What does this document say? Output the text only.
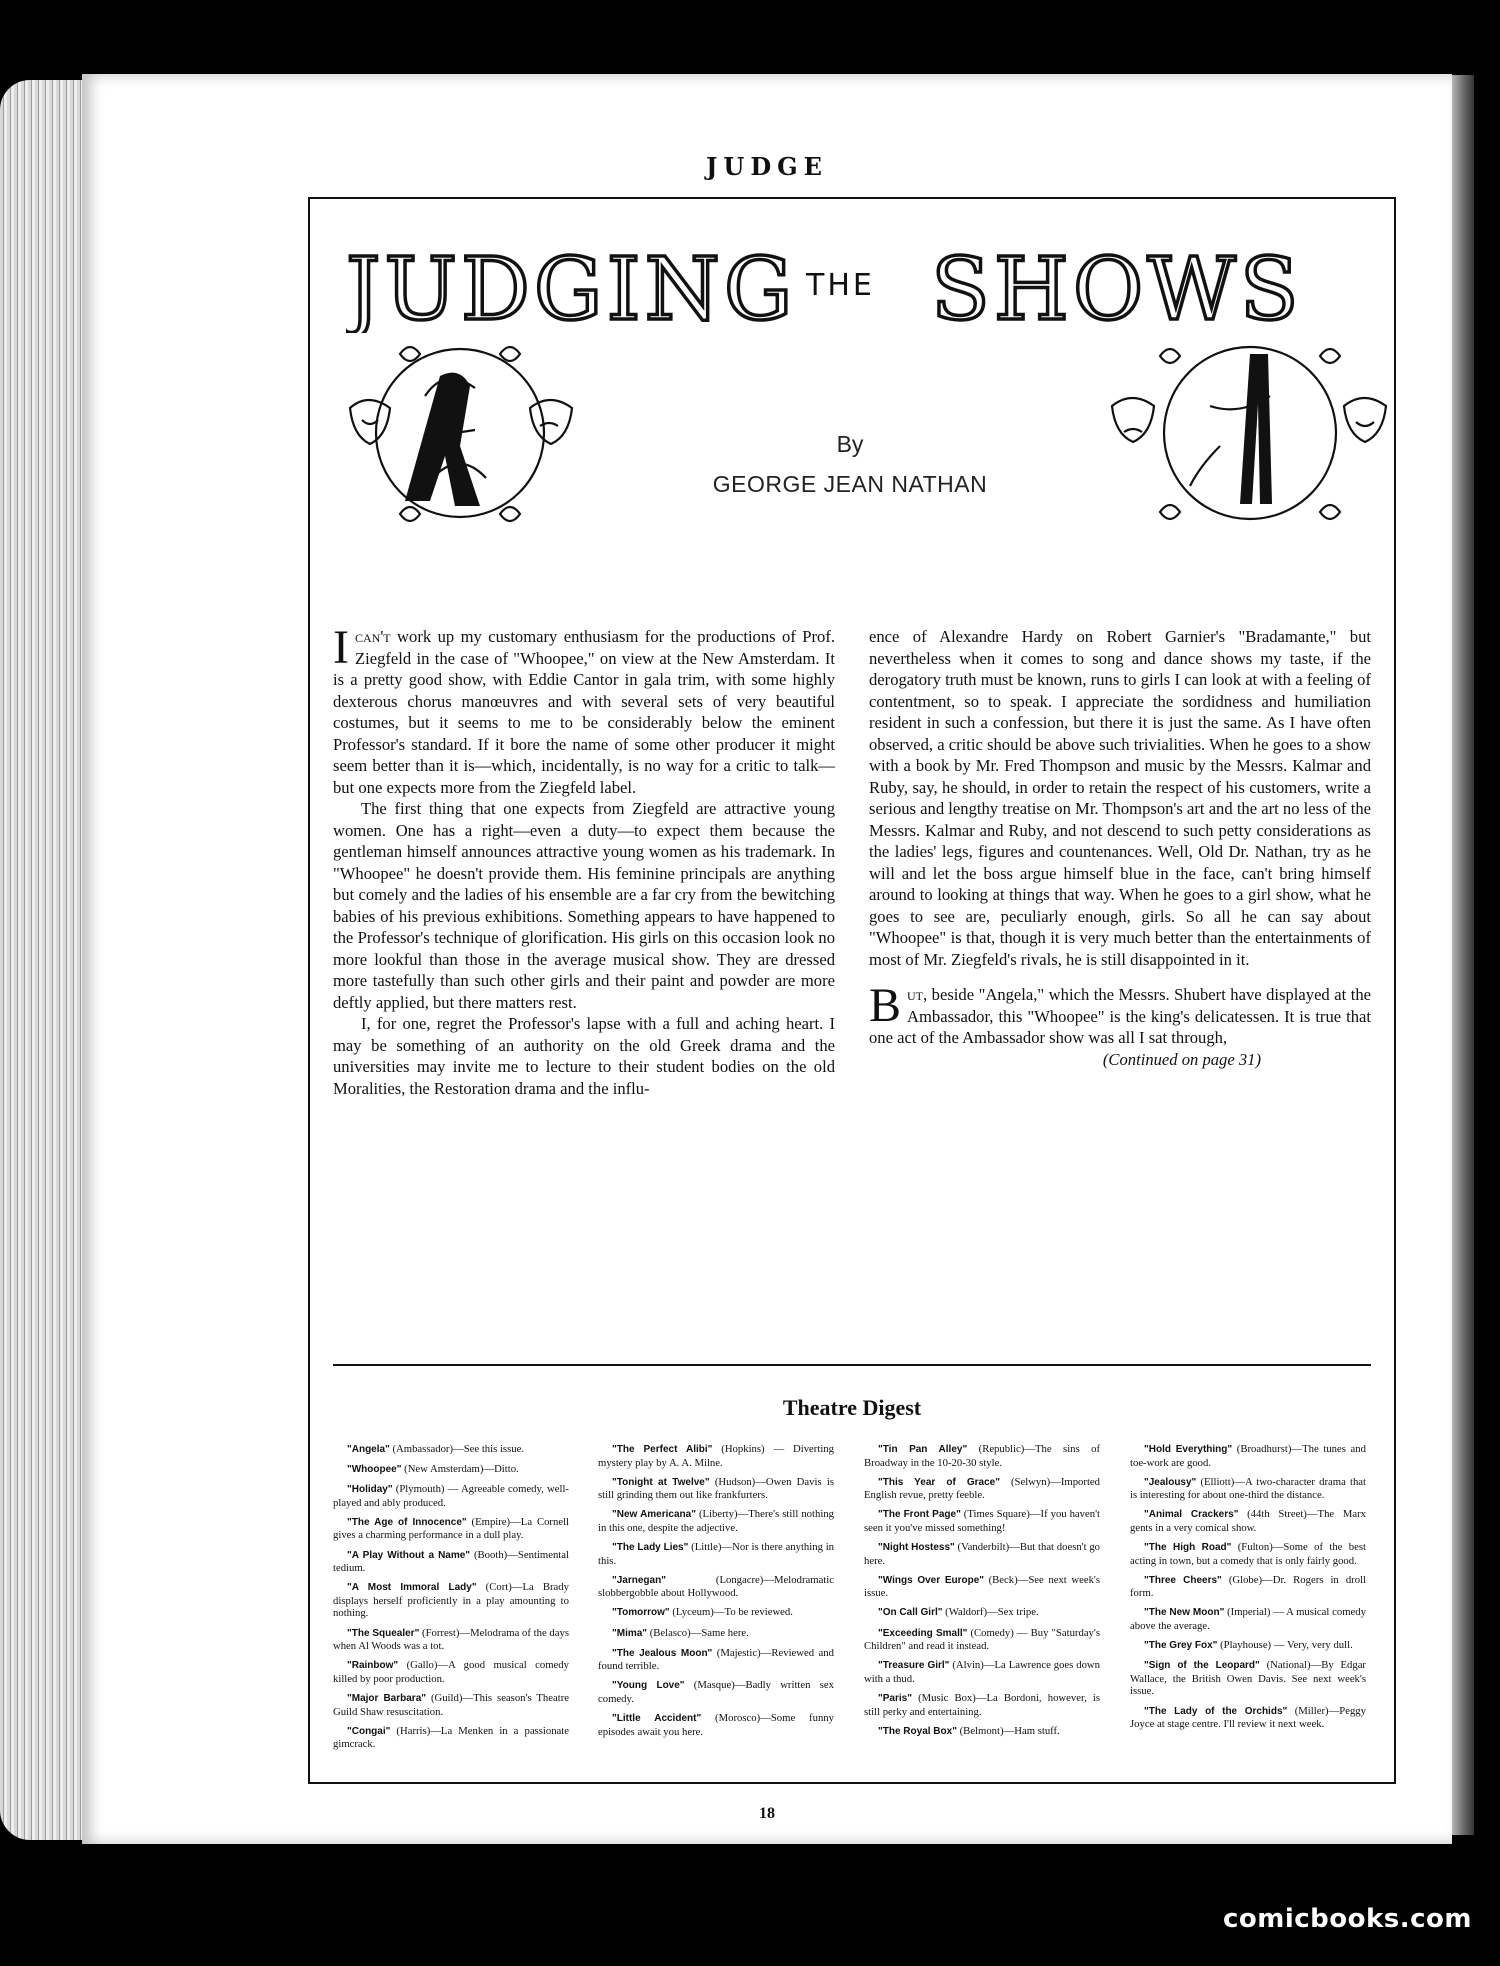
JUDGE
JUDGING THE SHOWS
By
GEORGE JEAN NATHAN

Ican't work up my customary enthusiasm for the productions of Prof. Ziegfeld in the case of "Whoopee," on view at the New Amsterdam. It is a pretty good show, with Eddie Cantor in gala trim, with some highly dexterous chorus manœuvres and with several sets of very beautiful costumes, but it seems to me to be considerably below the eminent Professor's standard. If it bore the name of some other producer it might seem better than it is—which, incidentally, is no way for a critic to talk—but one expects more from the Ziegfeld label.

The first thing that one expects from Ziegfeld are attractive young women. One has a right—even a duty—to expect them because the gentleman himself announces attractive young women as his trademark. In "Whoopee" he doesn't provide them. His feminine principals are anything but comely and the ladies of his ensemble are a far cry from the bewitching babies of his previous exhibitions. Something appears to have happened to the Professor's technique of glorification. His girls on this occasion look no more lookful than those in the average musical show. They are dressed more tastefully than such other girls and their paint and powder are more deftly applied, but there matters rest.

I, for one, regret the Professor's lapse with a full and aching heart. I may be something of an authority on the old Greek drama and the universities may invite me to lecture to their student bodies on the old Moralities, the Restoration drama and the influ-

ence of Alexandre Hardy on Robert Garnier's "Bradamante," but nevertheless when it comes to song and dance shows my taste, if the derogatory truth must be known, runs to girls I can look at with a feeling of contentment, so to speak. I appreciate the sordidness and humiliation resident in such a confession, but there it is just the same. As I have often observed, a critic should be above such trivialities. When he goes to a show with a book by Mr. Fred Thompson and music by the Messrs. Kalmar and Ruby, say, he should, in order to retain the respect of his customers, write a serious and lengthy treatise on Mr. Thompson's art and the art no less of the Messrs. Kalmar and Ruby, and not descend to such petty considerations as the ladies' legs, figures and countenances. Well, Old Dr. Nathan, try as he will and let the boss argue himself blue in the face, can't bring himself around to looking at things that way. When he goes to a girl show, what he goes to see are, peculiarly enough, girls. So all he can say about "Whoopee" is that, though it is very much better than the entertainments of most of Mr. Ziegfeld's rivals, he is still disappointed in it.

But, beside "Angela," which the Messrs. Shubert have displayed at the Ambassador, this "Whoopee" is the king's delicatessen. It is true that one act of the Ambassador show was all I sat through,

(Continued on page 31)

Theatre Digest

"Angela" (Ambassador)—See this issue.

"Whoopee" (New Amsterdam)—Ditto.

"Holiday" (Plymouth) — Agreeable comedy, well-played and ably produced.

"The Age of Innocence" (Empire)—La Cornell gives a charming performance in a dull play.

"A Play Without a Name" (Booth)—Sentimental tedium.

"A Most Immoral Lady" (Cort)—La Brady displays herself proficiently in a play amounting to nothing.

"The Squealer" (Forrest)—Melodrama of the days when Al Woods was a tot.

"Rainbow" (Gallo)—A good musical comedy killed by poor production.

"Major Barbara" (Guild)—This season's Theatre Guild Shaw resuscitation.

"Congai" (Harris)—La Menken in a passionate gimcrack.

"The Perfect Alibi" (Hopkins) — Diverting mystery play by A. A. Milne.

"Tonight at Twelve" (Hudson)—Owen Davis is still grinding them out like frankfurters.

"New Americana" (Liberty)—There's still nothing in this one, despite the adjective.

"The Lady Lies" (Little)—Nor is there anything in this.

"Jarnegan" (Longacre)—Melodramatic slobbergobble about Hollywood.

"Tomorrow" (Lyceum)—To be reviewed.

"Mima" (Belasco)—Same here.

"The Jealous Moon" (Majestic)—Reviewed and found terrible.

"Young Love" (Masque)—Badly written sex comedy.

"Little Accident" (Morosco)—Some funny episodes await you here.

"Tin Pan Alley" (Republic)—The sins of Broadway in the 10-20-30 style.

"This Year of Grace" (Selwyn)—Imported English revue, pretty feeble.

"The Front Page" (Times Square)—If you haven't seen it you've missed something!

"Night Hostess" (Vanderbilt)—But that doesn't go here.

"Wings Over Europe" (Beck)—See next week's issue.

"On Call Girl" (Waldorf)—Sex tripe.

"Exceeding Small" (Comedy) — Buy "Saturday's Children" and read it instead.

"Treasure Girl" (Alvin)—La Lawrence goes down with a thud.

"Paris" (Music Box)—La Bordoni, however, is still perky and entertaining.

"The Royal Box" (Belmont)—Ham stuff.

"Hold Everything" (Broadhurst)—The tunes and toe-work are good.

"Jealousy" (Elliott)—A two-character drama that is interesting for about one-third the distance.

"Animal Crackers" (44th Street)—The Marx gents in a very comical show.

"The High Road" (Fulton)—Some of the best acting in town, but a comedy that is only fairly good.

"Three Cheers" (Globe)—Dr. Rogers in droll form.

"The New Moon" (Imperial) — A musical comedy above the average.

"The Grey Fox" (Playhouse) — Very, very dull.

"Sign of the Leopard" (National)—By Edgar Wallace, the British Owen Davis. See next week's issue.

"The Lady of the Orchids" (Miller)—Peggy Joyce at stage centre. I'll review it next week.

18
comicbooks.com
